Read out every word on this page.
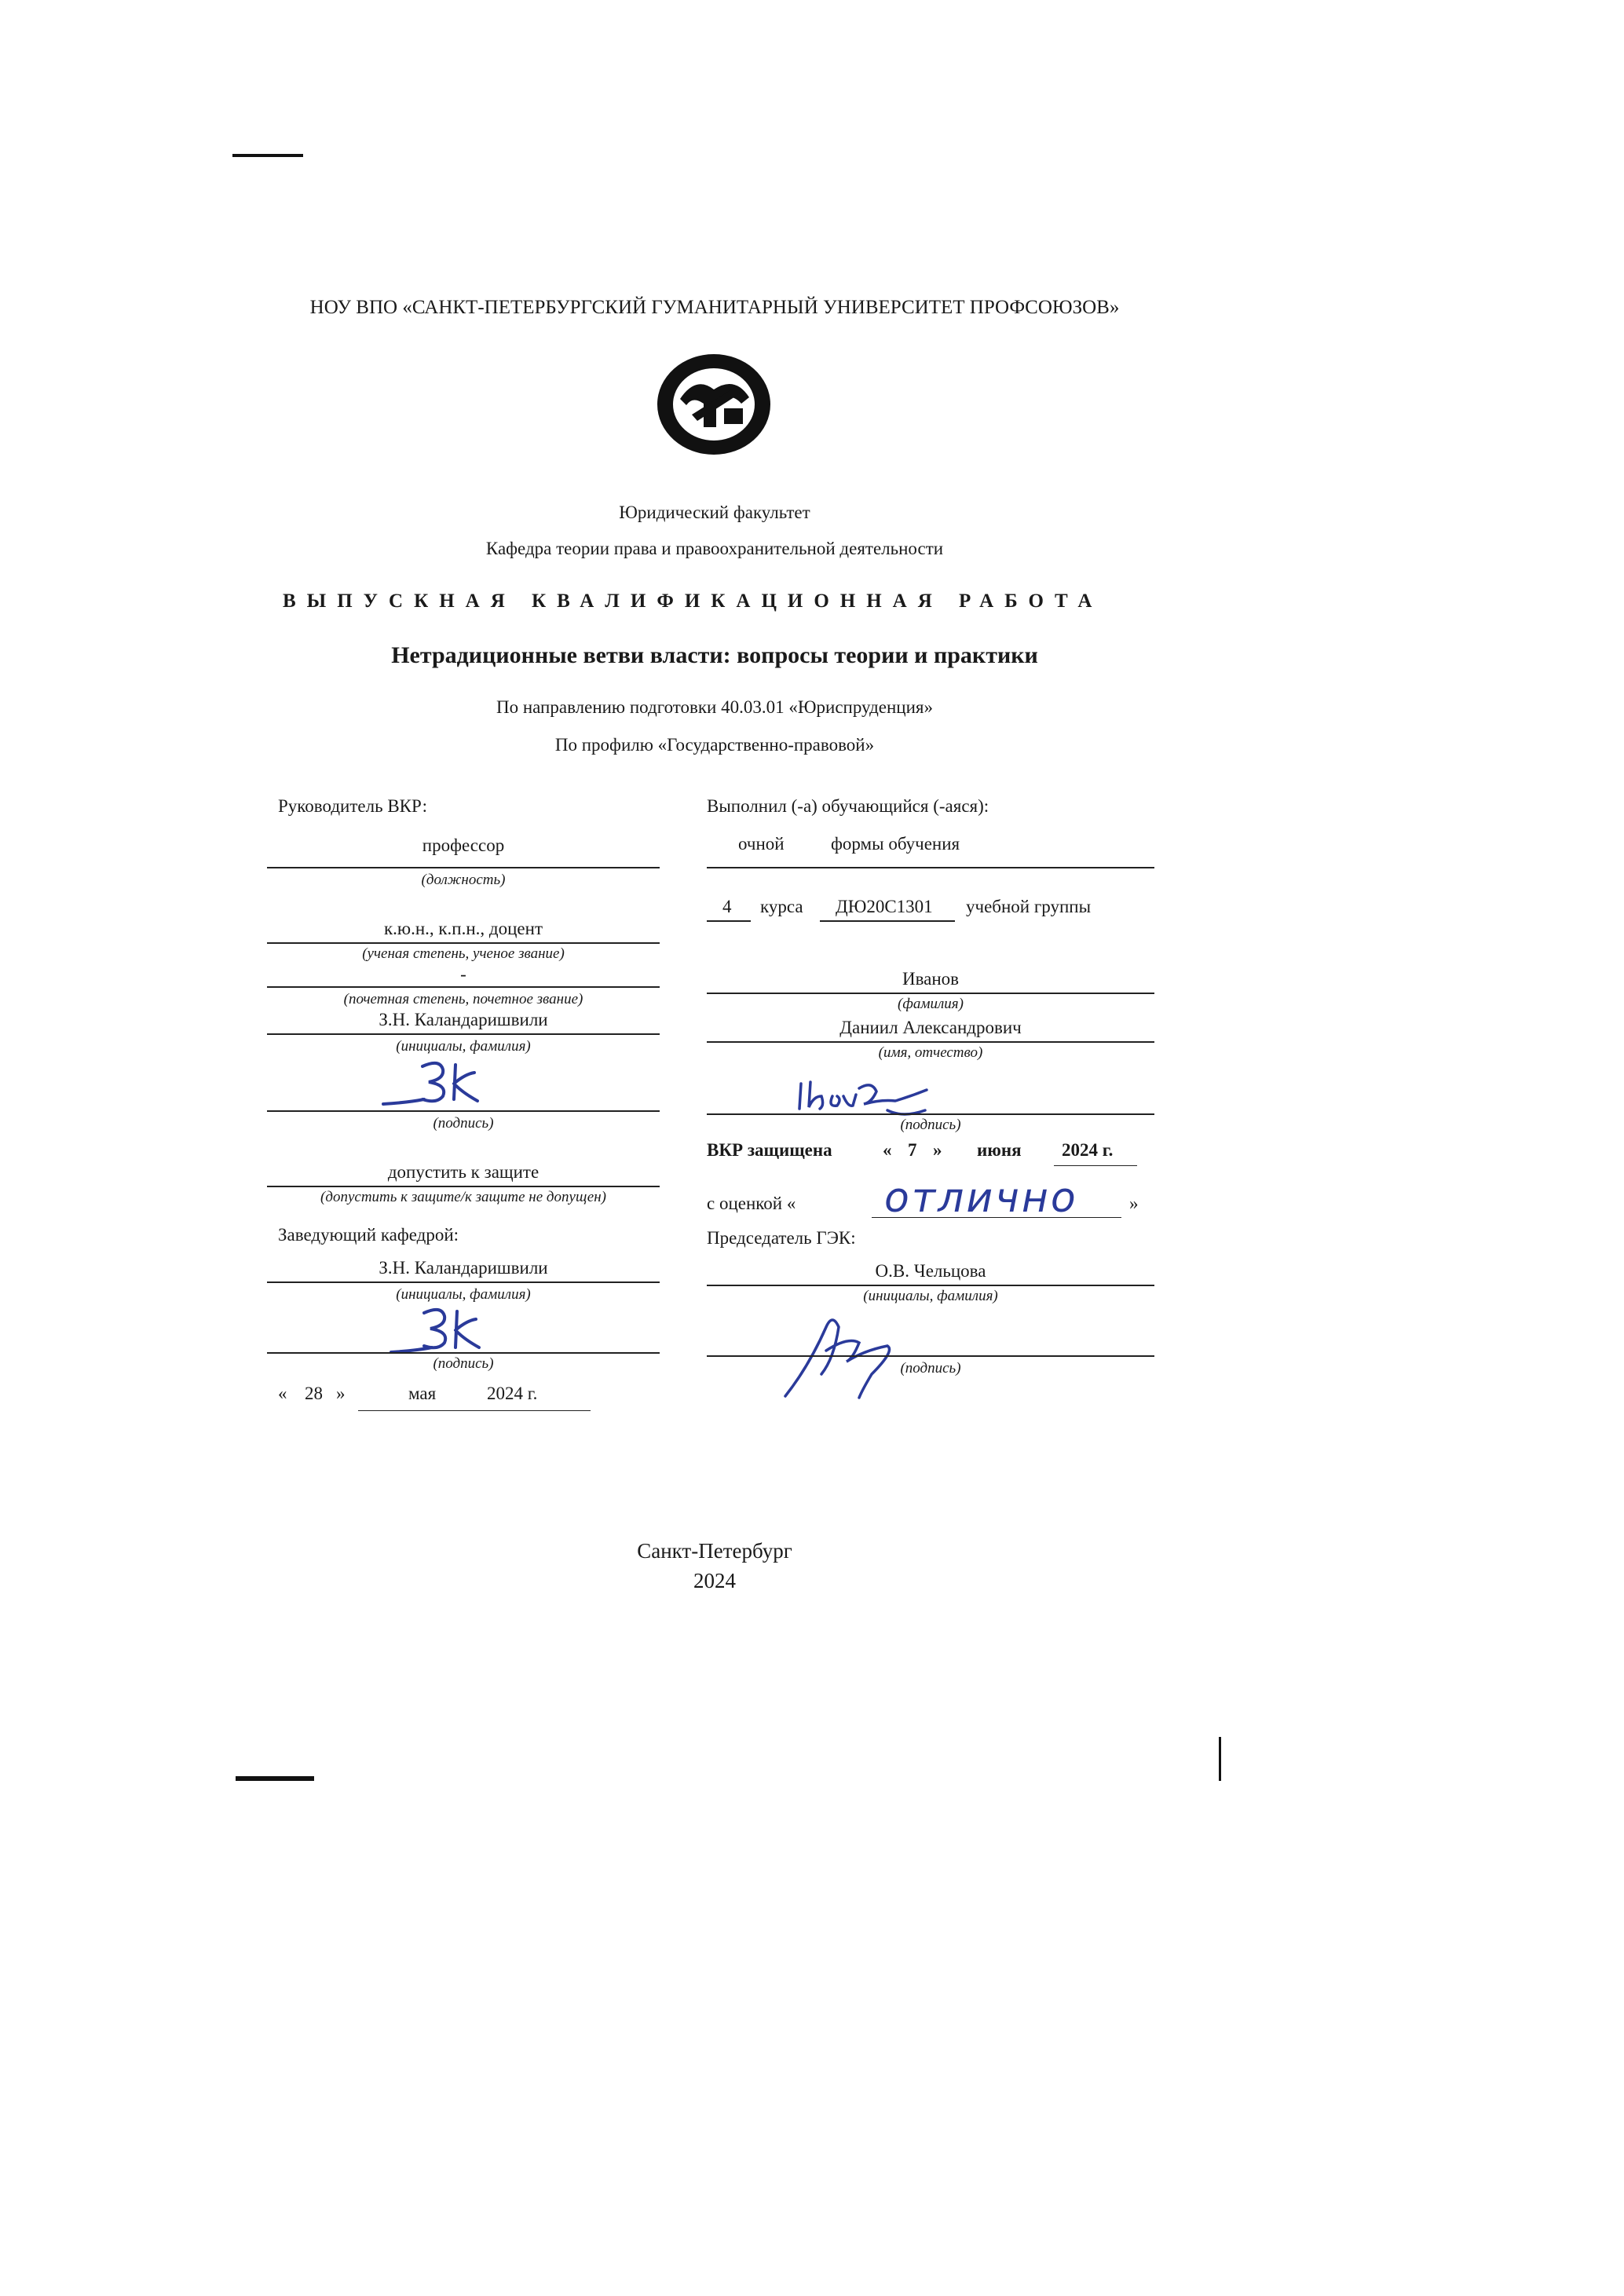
НОУ ВПО «САНКТ-ПЕТЕРБУРГСКИЙ ГУМАНИТАРНЫЙ УНИВЕРСИТЕТ ПРОФСОЮЗОВ»
Юридический факультет
Кафедра теории права и правоохранительной деятельности
ВЫПУСКНАЯ КВАЛИФИКАЦИОННАЯ РАБОТА
Нетрадиционные ветви власти: вопросы теории и практики
По направлению подготовки 40.03.01 «Юриспруденция»
По профилю «Государственно-правовой»
Руководитель ВКР:
профессор
(должность)
к.ю.н., к.п.н., доцент
(ученая степень, ученое звание)
-
(почетная степень, почетное звание)
З.Н. Каландаришвили
(инициалы, фамилия)
(подпись)
допустить к защите
(допустить к защите/к защите не допущен)
Заведующий кафедрой:
З.Н. Каландаришвили
(инициалы, фамилия)
(подпись)
« 28 »	мая	2024 г.
Выполнил (-а) обучающийся (-аяся):
очной	формы обучения
4 курса ДЮ20С1301 учебной группы
Иванов
(фамилия)
Даниил Александрович
(имя, отчество)
(подпись)
ВКР защищена	« 7 » июня 2024 г.
с оценкой « отлично	»
Председатель ГЭК:
О.В. Чельцова
(инициалы, фамилия)
(подпись)
Санкт-Петербург
2024
